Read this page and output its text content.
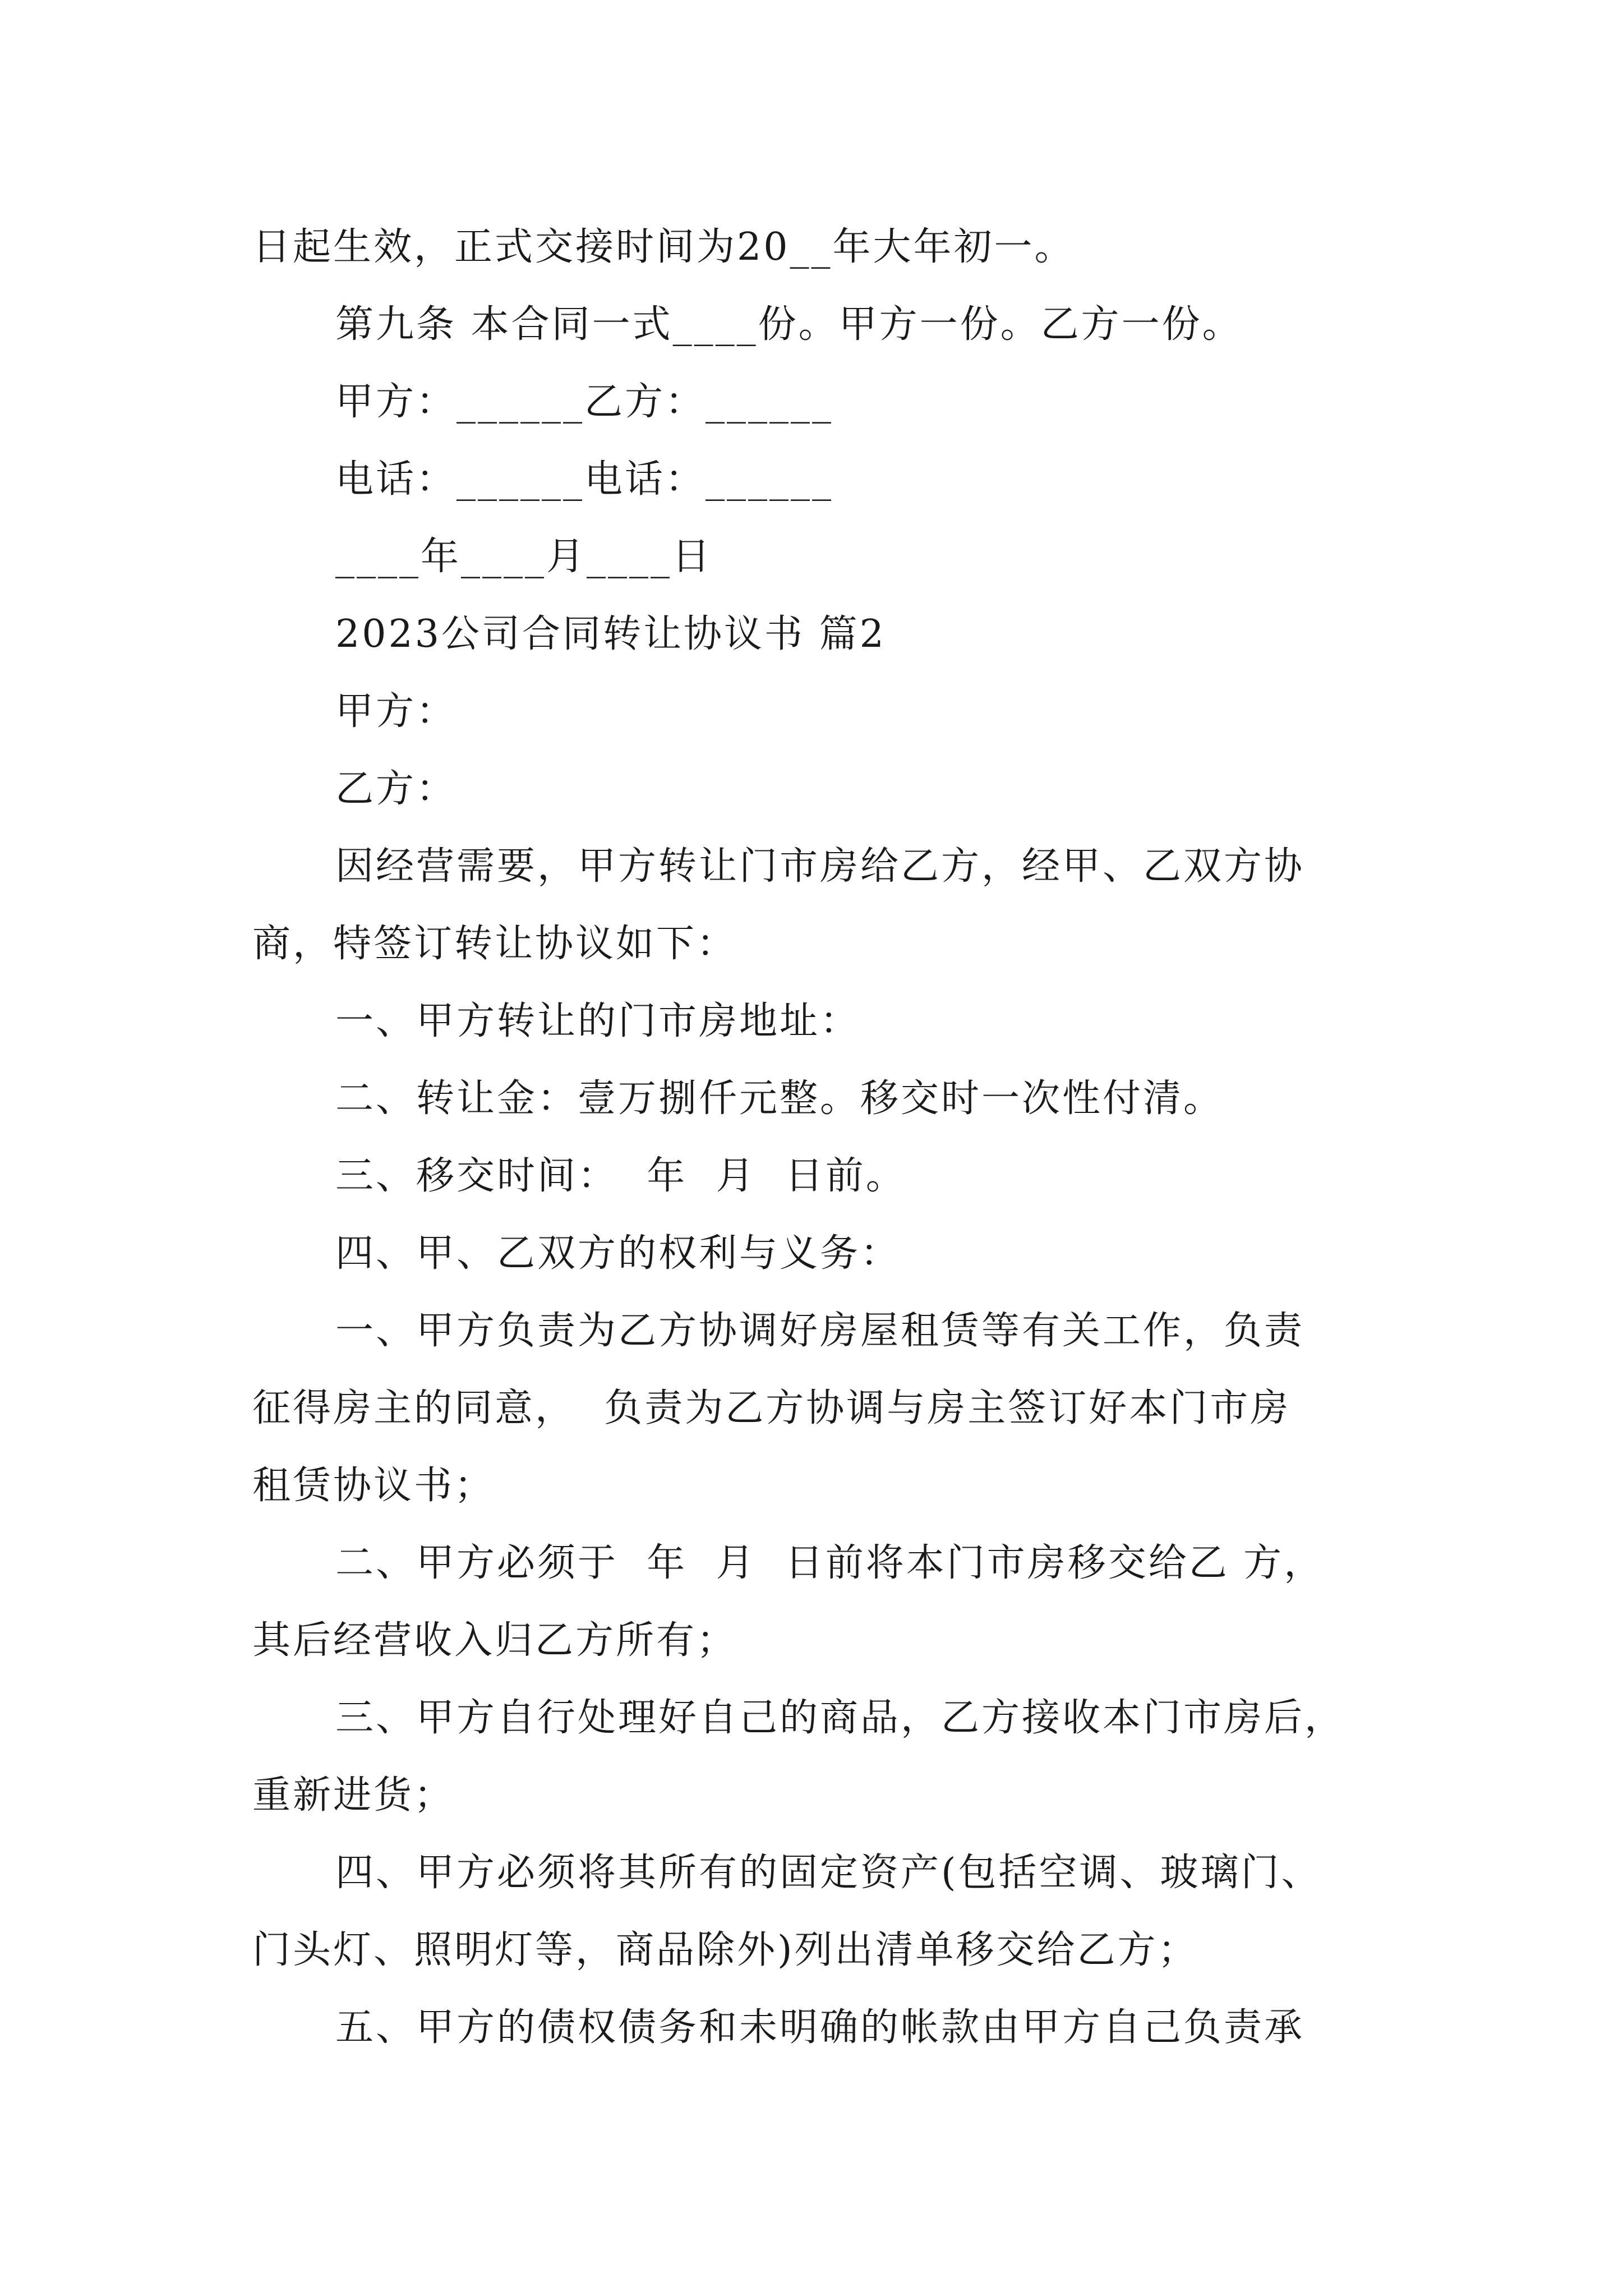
日起生效，正式交接时间为20__年大年初一。
第九条 本合同一式____份。甲方一份。乙方一份。
甲方：______乙方：______
电话：______电话：______
____年____月____日
2023公司合同转让协议书 篇2
甲方：
乙方：
因经营需要，甲方转让门市房给乙方，经甲、乙双方协
商，特签订转让协议如下：
一、甲方转让的门市房地址：
二、转让金：壹万捌仟元整。移交时一次性付清。
三、移交时间：  年  月  日前。
四、甲、乙双方的权利与义务：
一、甲方负责为乙方协调好房屋租赁等有关工作，负责
征得房主的同意，  负责为乙方协调与房主签订好本门市房
租赁协议书；
二、甲方必须于  年  月  日前将本门市房移交给乙 方，
其后经营收入归乙方所有；
三、甲方自行处理好自己的商品，乙方接收本门市房后，
重新进货；
四、甲方必须将其所有的固定资产(包括空调、玻璃门、
门头灯、照明灯等，商品除外)列出清单移交给乙方；
五、甲方的债权债务和未明确的帐款由甲方自己负责承
